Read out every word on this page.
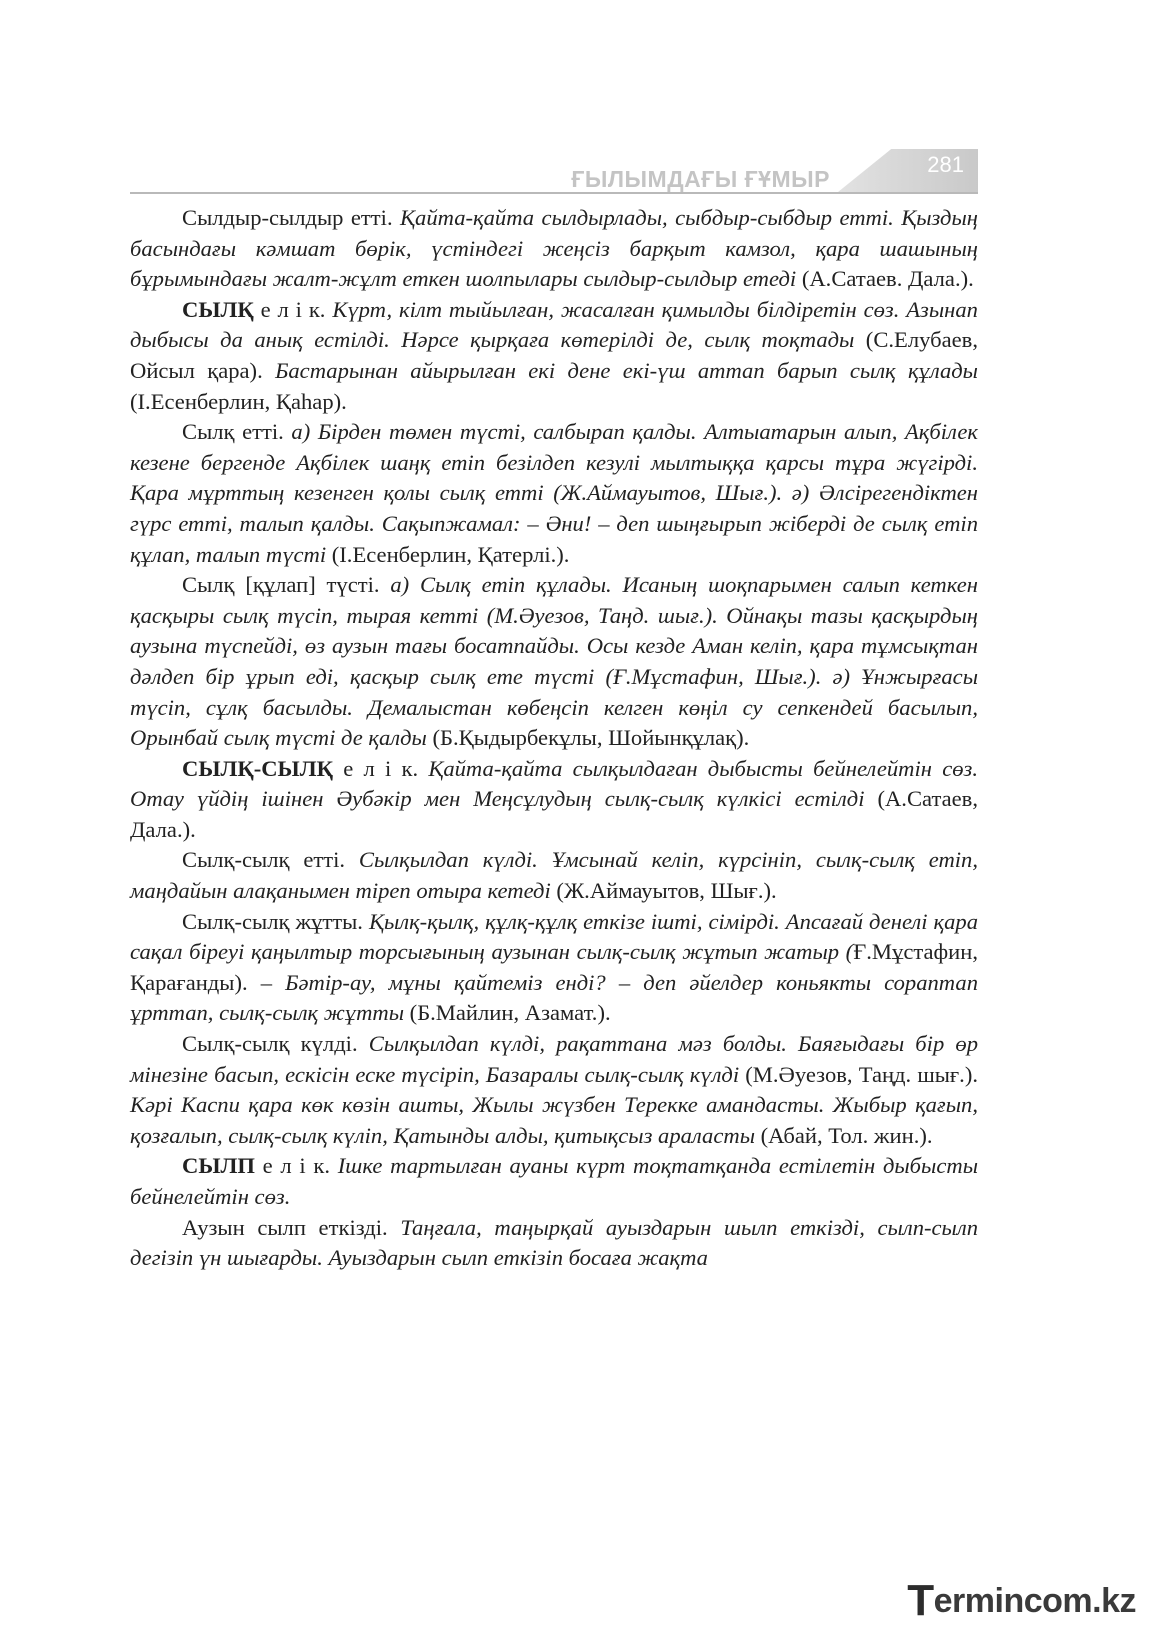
ҒЫЛЫМДАҒЫ ҒҰМЫР
281

Сылдыр-сылдыр етті. Қайта-қайта сылдырлады, сыбдыр-сыбдыр етті. Қыздың басындағы кәмшат бөрік, үстіндегі жеңсіз барқыт камзол, қара шашының бұрымындағы жалт-жұлт еткен шолпылары сылдыр-сылдыр етеді (А.Сатаев. Дала.).

СЫЛҚ е л і к. Күрт, кілт тыйылған, жасалған қимылды білдіретін сөз. Азынап дыбысы да анық естілді. Нәрсе қырқаға көтерілді де, сылқ тоқтады (С.Елубаев, Ойсыл қара). Бастарынан айырылған екі дене екі-үш аттап барып сылқ құлады (І.Есенберлин, Қаһар).

Сылқ етті. а) Бірден төмен түсті, салбырап қалды. Алтыатарын алып, Ақбілек кезене бергенде Ақбілек шаңқ етіп безілдеп кезулі мылтыққа қарсы тұра жүгірді. Қара мұрттың кезенген қолы сылқ етті (Ж.Аймауытов, Шығ.). ә) Әлсірегендіктен гүрс етті, талып қалды. Сақыпжамал: – Әни! – деп шыңғырып жіберді де сылқ етіп құлап, талып түсті (І.Есенберлин, Қатерлі.).

Сылқ [құлап] түсті. а) Сылқ етіп құлады. Исаның шоқпарымен салып кеткен қасқыры сылқ түсіп, тырая кетті (М.Әуезов, Таңд. шығ.). Ойнақы тазы қасқырдың аузына түспейді, өз аузын тағы босатпайды. Осы кезде Аман келіп, қара тұмсықтан дәлдеп бір ұрып еді, қасқыр сылқ ете түсті (Ғ.Мұстафин, Шығ.). ә) Ұнжырғасы түсіп, сұлқ басылды. Демалыстан көбеңсіп келген көңіл су сепкендей басылып, Орынбай сылқ түсті де қалды (Б.Қыдырбекұлы, Шойынқұлақ).

СЫЛҚ-СЫЛҚ е л і к. Қайта-қайта сылқылдаған дыбысты бейнелейтін сөз. Отау үйдің ішінен Әубәкір мен Меңсұлудың сылқ-сылқ күлкісі естілді (А.Сатаев, Дала.).

Сылқ-сылқ етті. Сылқылдап күлді. Ұмсынай келіп, күрсініп, сылқ-сылқ етіп, маңдайын алақанымен тіреп отыра кетеді (Ж.Аймауытов, Шығ.).

Сылқ-сылқ жұтты. Қылқ-қылқ, құлқ-құлқ еткізе ішті, сімірді. Апсағай денелі қара сақал біреуі қаңылтыр торсығының аузынан сылқ-сылқ жұтып жатыр (Ғ.Мұстафин, Қарағанды). – Бәтір-ау, мұны қайтеміз енді? – деп әйелдер коньякты сораптап ұрттап, сылқ-сылқ жұтты (Б.Майлин, Азамат.).

Сылқ-сылқ күлді. Сылқылдап күлді, рақаттана мәз болды. Баяғыдағы бір өр мінезіне басып, ескісін еске түсіріп, Базаралы сылқ-сылқ күлді (М.Әуезов, Таңд. шығ.). Кәрі Каспи қара көк көзін ашты, Жылы жүзбен Терекке амандасты. Жыбыр қағып, қозғалып, сылқ-сылқ күліп, Қатынды алды, қитықсыз араласты (Абай, Тол. жин.).

СЫЛП е л і к. Ішке тартылған ауаны күрт тоқтатқанда естілетін дыбысты бейнелейтін сөз.

Аузын сылп еткізді. Таңғала, таңырқай ауыздарын шылп еткізді, сылп-сылп дегізіп үн шығарды. Ауыздарын сылп еткізіп босаға жақта

T ermincom.kz
